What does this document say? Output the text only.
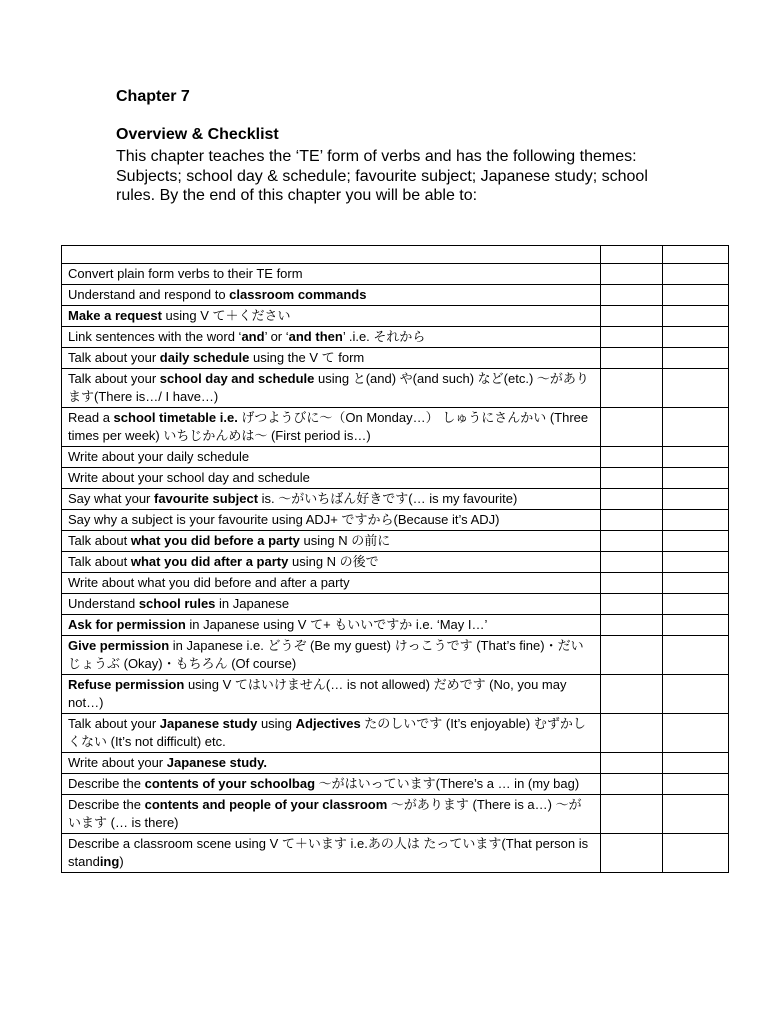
Chapter 7
Overview & Checklist
This chapter teaches the ‘TE’ form of verbs and has the following themes: Subjects; school day & schedule; favourite subject; Japanese study; school rules. By the end of this chapter you will be able to:

Convert plain form verbs to their TE form		
Understand and respond to classroom commands		
Make a request using V て＋ください		
Link sentences with the word ‘and’ or ‘and then’ .i.e. それから		
Talk about your daily schedule using the V て form		
Talk about your school day and schedule using と(and) や(and such) など(etc.) 〜があります(There is…/ I have…)		
Read a school timetable i.e. げつようびに〜（On Monday…） しゅうにさんかい (Three times per week) いちじかんめは〜 (First period is…)		
Write about your daily schedule		
Write about your school day and schedule		
Say what your favourite subject is. 〜がいちばん好きです(… is my favourite)		
Say why a subject is your favourite using ADJ+ ですから(Because it’s ADJ)		
Talk about what you did before a party using N の前に		
Talk about what you did after a party using N の後で		
Write about what you did before and after a party		
Understand school rules in Japanese		
Ask for permission in Japanese using V て+ もいいですか i.e. ‘May I…’		
Give permission in Japanese i.e. どうぞ (Be my guest) けっこうです (That’s fine)・だいじょうぶ (Okay)・もちろん (Of course)		
Refuse permission using V てはいけません(… is not allowed) だめです (No, you may not…)		
Talk about your Japanese study using Adjectives たのしいです (It’s enjoyable) むずかしくない (It’s not difficult) etc.		
Write about your Japanese study.		
Describe the contents of your schoolbag 〜がはいっています(There’s a … in (my bag)		
Describe the contents and people of your classroom 〜があります (There is a…) 〜がいます (… is there)		
Describe a classroom scene using V て＋います i.e.あの人は たっています(That person is standing)		
